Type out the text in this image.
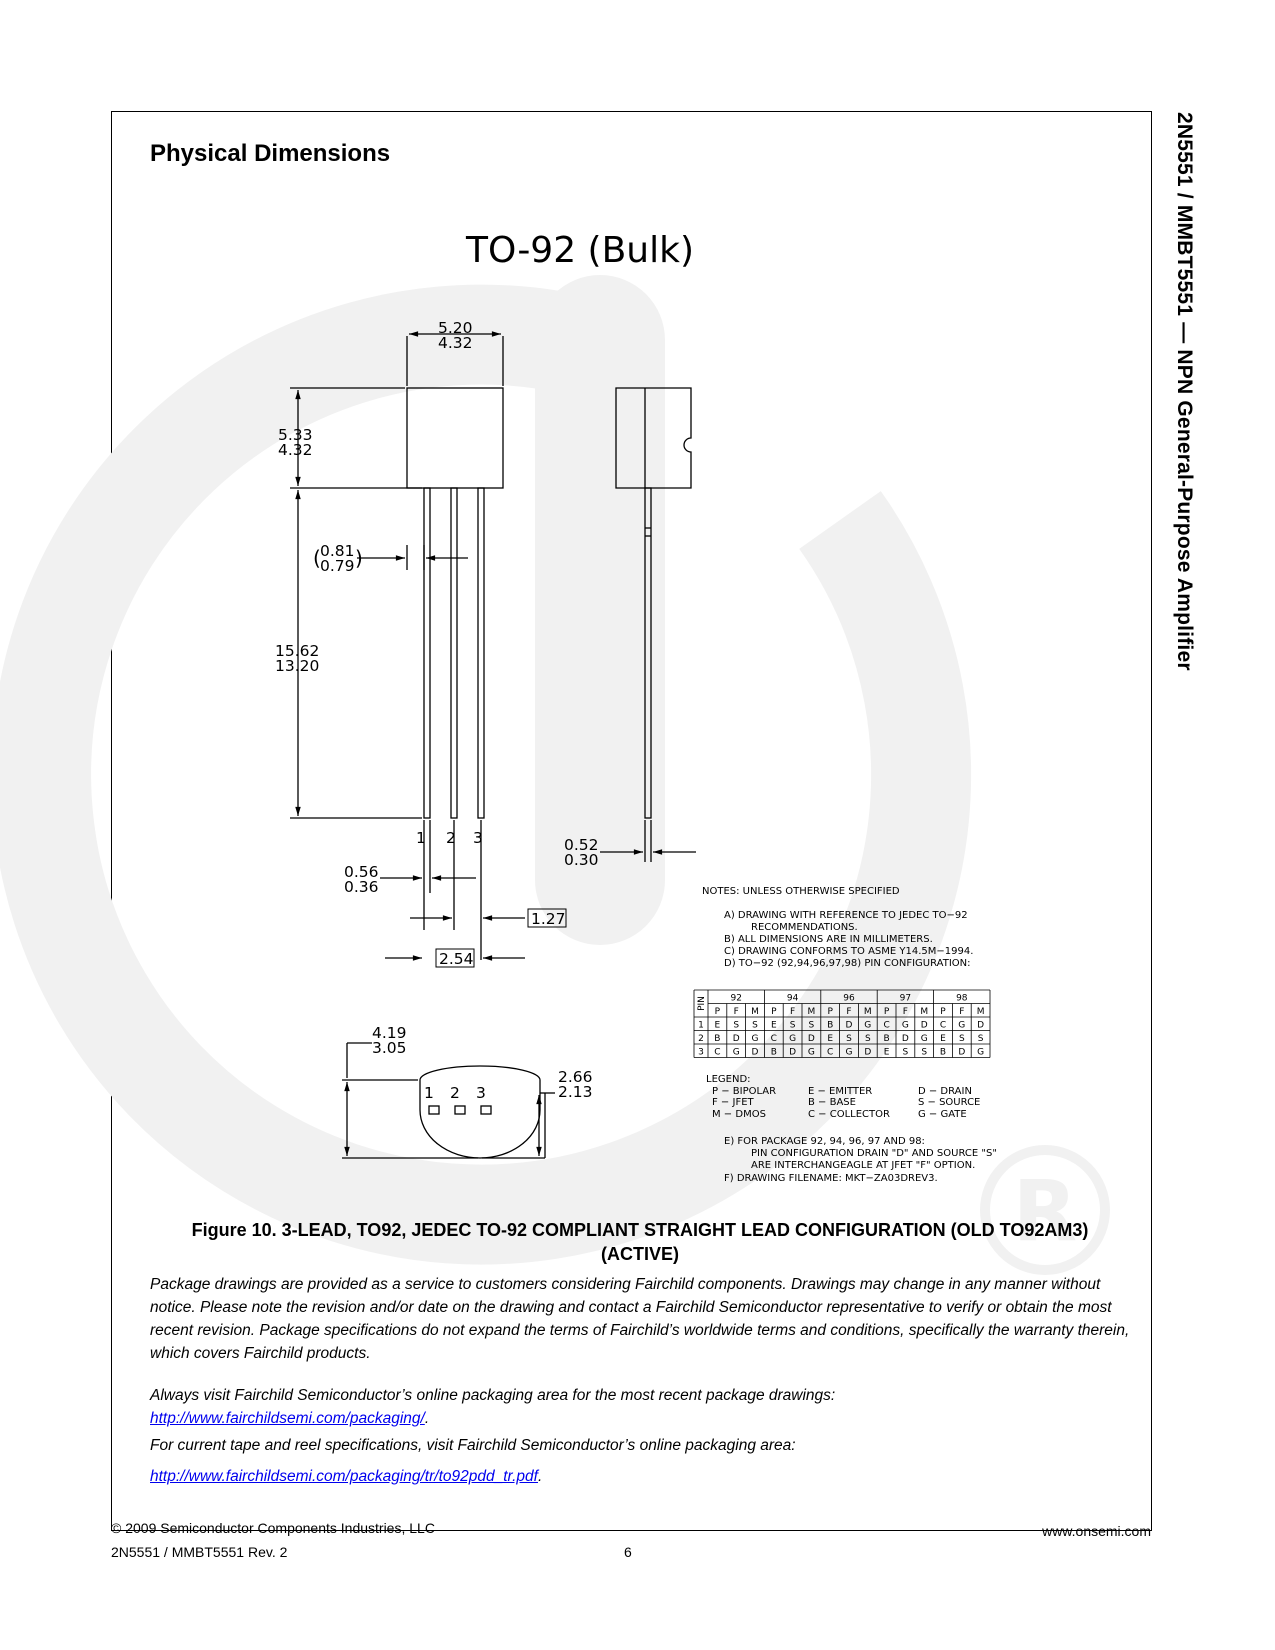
2N5551 / MMBT5551 — NPN General-Purpose Amplifier
Physical Dimensions
R
TO-92 (Bulk)
5.20
4.32
5.33
4.32
0.81
0.79
( )
15.62
13.20
0.56
0.36
0.52
0.30
4.19
3.05
2.66
2.13
1.27
2.54
1 2 3
1 2 3
NOTES: UNLESS OTHERWISE SPECIFIED
A) DRAWING WITH REFERENCE TO JEDEC TO−92
RECOMMENDATIONS.
B) ALL DIMENSIONS ARE IN MILLIMETERS.
C) DRAWING CONFORMS TO ASME Y14.5M−1994.
D) TO−92 (92,94,96,97,98) PIN CONFIGURATION:
E) FOR PACKAGE 92, 94, 96, 97 AND 98:
PIN CONFIGURATION DRAIN "D" AND SOURCE "S"
ARE INTERCHANGEAGLE AT JFET "F" OPTION.
F) DRAWING FILENAME: MKT−ZA03DREV3.
PIN	92	94	96	97	98
P F M P F M P F M P F M P F M
1 E S S E S S B D G C G D C G D
2 B D G C G D E S S B D G E S S
3 C G D B D G C G D E S S B D G
LEGEND:
P − BIPOLAR
F − JFET
M − DMOS
E − EMITTER
B − BASE
C − COLLECTOR
D − DRAIN
S − SOURCE
G − GATE
Figure 10. 3-LEAD, TO92, JEDEC TO-92 COMPLIANT STRAIGHT LEAD CONFIGURATION (OLD TO92AM3) (ACTIVE)
Package drawings are provided as a service to customers considering Fairchild components. Drawings may change in any manner without notice. Please note the revision and/or date on the drawing and contact a Fairchild Semiconductor representative to verify or obtain the most recent revision. Package specifications do not expand the terms of Fairchild’s worldwide terms and conditions, specifically the warranty therein, which covers Fairchild products.
Always visit Fairchild Semiconductor’s online packaging area for the most recent package drawings:
http://www.fairchildsemi.com/packaging/.
For current tape and reel specifications, visit Fairchild Semiconductor’s online packaging area:
http://www.fairchildsemi.com/packaging/tr/to92pdd_tr.pdf.
© 2009 Semiconductor Components Industries, LLC
2N5551 / MMBT5551 Rev. 2	6
www.onsemi.com
